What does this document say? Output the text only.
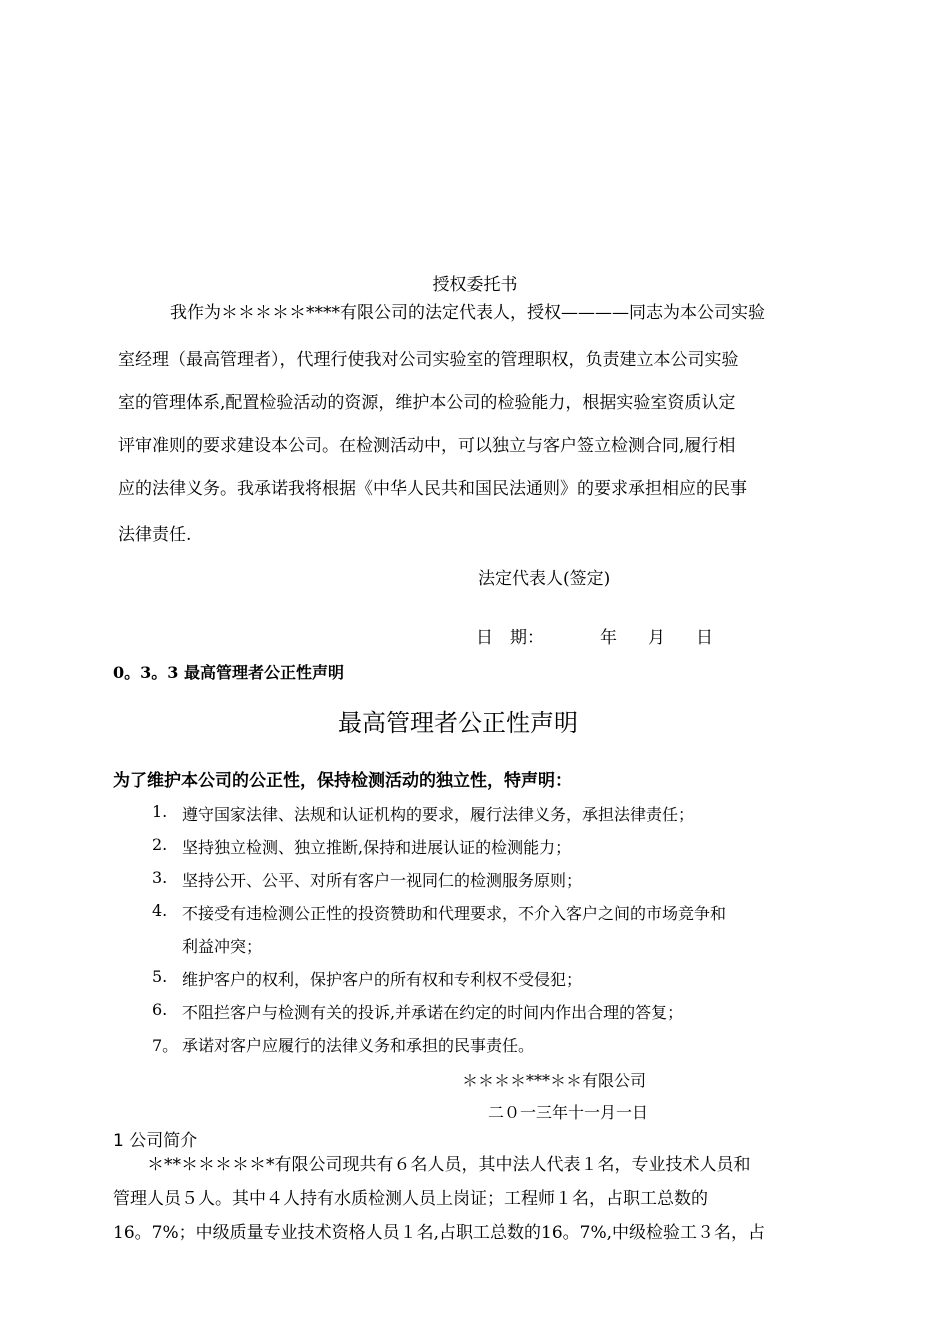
授权委托书
我作为＊＊＊＊＊****有限公司的法定代表人，授权————同志为本公司实验
室经理（最高管理者），代理行使我对公司实验室的管理职权，负责建立本公司实验
室的管理体系,配置检验活动的资源，维护本公司的检验能力，根据实验室资质认定
评审准则的要求建设本公司。在检测活动中，可以独立与客户签立检测合同,履行相
应的法律义务。我承诺我将根据《中华人民共和国民法通则》的要求承担相应的民事
法律责任.
法定代表人(签定)
日　期：	年 月 日
0。3。3 最高管理者公正性声明
最高管理者公正性声明
为了维护本公司的公正性，保持检测活动的独立性，特声明：
1. 遵守国家法律、法规和认证机构的要求，履行法律义务，承担法律责任；
2. 坚持独立检测、独立推断,保持和进展认证的检测能力；
3. 坚持公开、公平、对所有客户一视同仁的检测服务原则；
4. 不接受有违检测公正性的投资赞助和代理要求，不介入客户之间的市场竞争和
利益冲突；
5. 维护客户的权利，保护客户的所有权和专利权不受侵犯；
6. 不阻拦客户与检测有关的投诉,并承诺在约定的时间内作出合理的答复；
7。 承诺对客户应履行的法律义务和承担的民事责任。
＊＊＊＊***＊＊有限公司
二０一三年十一月一日
1 公司简介
　　＊**＊＊＊＊＊*有限公司现共有６名人员，其中法人代表１名，专业技术人员和
管理人员５人。其中４人持有水质检测人员上岗证；工程师１名，占职工总数的
16。7%；中级质量专业技术资格人员１名,占职工总数的16。7%,中级检验工３名，占
